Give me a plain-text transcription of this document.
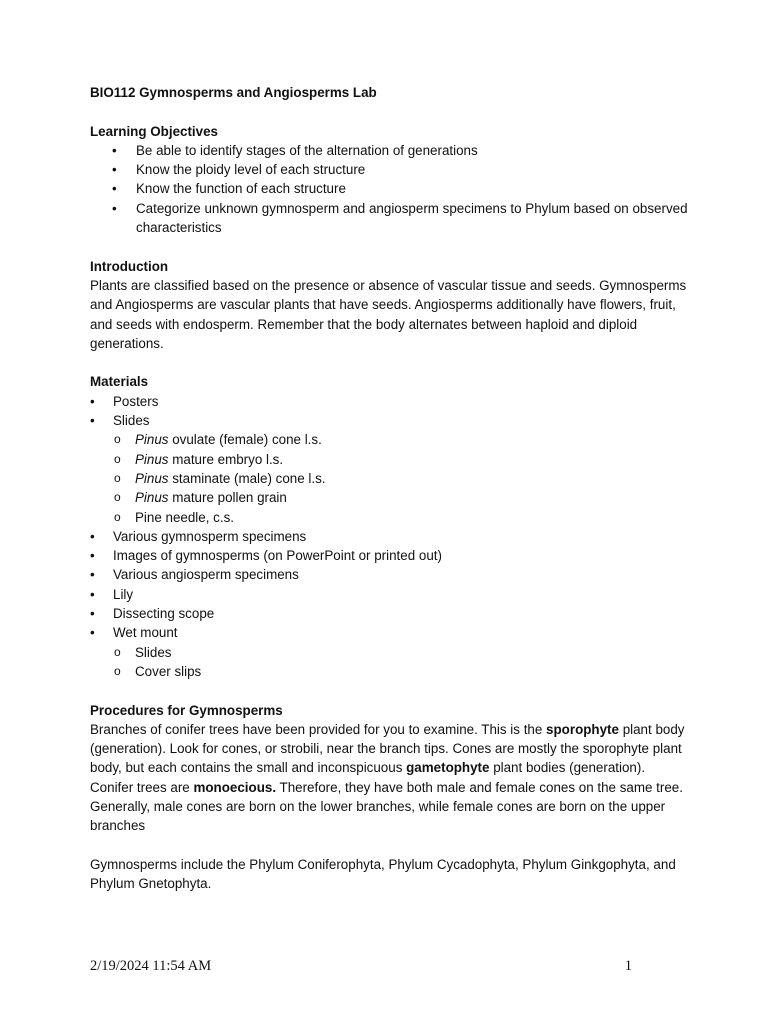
BIO112 Gymnosperms and Angiosperms Lab

Learning Objectives

• Be able to identify stages of the alternation of generations
• Know the ploidy level of each structure
• Know the function of each structure
• Categorize unknown gymnosperm and angiosperm specimens to Phylum based on observed characteristics

Introduction

Plants are classified based on the presence or absence of vascular tissue and seeds. Gymnosperms and Angiosperms are vascular plants that have seeds. Angiosperms additionally have flowers, fruit, and seeds with endosperm. Remember that the body alternates between haploid and diploid generations.

Materials

• Posters
• Slides
o Pinus ovulate (female) cone l.s.
o Pinus mature embryo l.s.
o Pinus staminate (male) cone l.s.
o Pinus mature pollen grain
o Pine needle, c.s.
• Various gymnosperm specimens
• Images of gymnosperms (on PowerPoint or printed out)
• Various angiosperm specimens
• Lily
• Dissecting scope
• Wet mount
o Slides
o Cover slips

Procedures for Gymnosperms

Branches of conifer trees have been provided for you to examine. This is the sporophyte plant body (generation). Look for cones, or strobili, near the branch tips. Cones are mostly the sporophyte plant body, but each contains the small and inconspicuous gametophyte plant bodies (generation). Conifer trees are monoecious. Therefore, they have both male and female cones on the same tree. Generally, male cones are born on the lower branches, while female cones are born on the upper branches

Gymnosperms include the Phylum Coniferophyta, Phylum Cycadophyta, Phylum Ginkgophyta, and Phylum Gnetophyta.

2/19/2024 11:54 AM	1
